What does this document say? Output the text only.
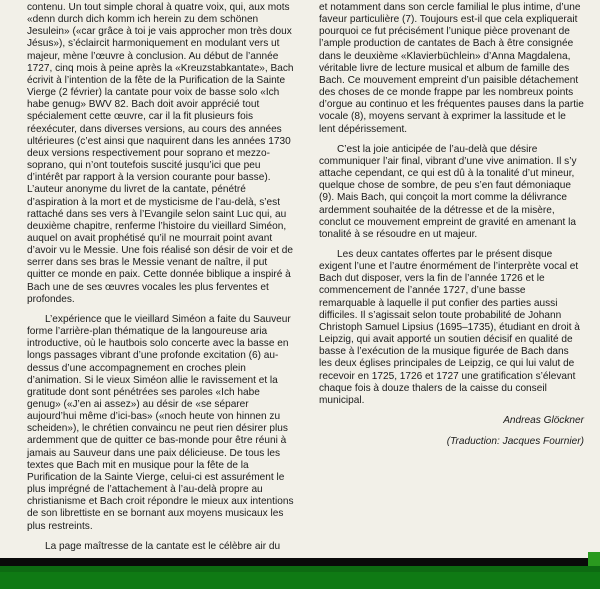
contenu. Un tout simple choral à quatre voix, qui, aux mots «denn durch dich komm ich herein zu dem schönen Jesulein» («car grâce à toi je vais approcher mon très doux Jésus»), s’éclaircit harmoniquement en modulant vers ut majeur, mène l’œuvre à conclusion. Au début de l’année 1727, cinq mois à peine après la «Kreuzstabkantate», Bach écrivit à l’intention de la fête de la Purification de la Sainte Vierge (2 février) la cantate pour voix de basse solo «Ich habe genug» BWV 82. Bach doit avoir apprécié tout spécialement cette œuvre, car il la fit plusieurs fois réexécuter, dans diverses versions, au cours des années ultérieures (c’est ainsi que naquirent dans les années 1730 deux versions respectivement pour soprano et mezzo-soprano, qui n’ont toutefois suscité jusqu’ici que peu d’intérêt par rapport à la version courante pour basse). L’auteur anonyme du livret de la cantate, pénétré d’aspiration à la mort et de mysticisme de l’au-delà, s’est rattaché dans ses vers à l’Evangile selon saint Luc qui, au deuxième chapitre, renferme l’histoire du vieillard Siméon, auquel on avait prophétisé qu’il ne mourrait point avant d’avoir vu le Messie. Une fois réalisé son désir de voir et de serrer dans ses bras le Messie venant de naître, il put quitter ce monde en paix. Cette donnée biblique a inspiré à Bach une de ses œuvres vocales les plus ferventes et profondes.

L’expérience que le vieillard Siméon a faite du Sauveur forme l’arrière-plan thématique de la langoureuse aria introductive, où le hautbois solo concerte avec la basse en longs passages vibrant d’une profonde excitation (6) au-dessus d’une accompagnement en croches plein d’animation. Si le vieux Siméon allie le ravissement et la gratitude dont sont pénétrées ses paroles «Ich habe genug» («J’en ai assez») au désir de «se séparer aujourd’hui même d’ici-bas» («noch heute von hinnen zu scheiden»), le chrétien convaincu ne peut rien désirer plus ardemment que de quitter ce bas-monde pour être réuni à jamais au Sauveur dans une paix délicieuse. De tous les textes que Bach mit en musique pour la fête de la Purification de la Sainte Vierge, celui-ci est assurément le plus imprégné de l’attachement à l’au-delà propre au christianisme et Bach croit répondre le mieux aux intentions de son librettiste en se bornant aux moyens musicaux les plus restreints.

La page maîtresse de la cantate est le célèbre air du

et notamment dans son cercle familial le plus intime, d’une faveur particulière (7). Toujours est-il que cela expliquerait pourquoi ce fut précisément l’unique pièce provenant de l’ample production de cantates de Bach à être consignée dans le deuxième «Klavierbüchlein» d’Anna Magdalena, véritable livre de lecture musical et album de famille des Bach. Ce mouvement empreint d’un paisible détachement des choses de ce monde frappe par les nombreux points d’orgue au continuo et les fréquentes pauses dans la partie vocale (8), moyens servant à exprimer la lassitude et le lent dépérissement.

C’est la joie anticipée de l’au-delà que désire communiquer l’air final, vibrant d’une vive animation. Il s’y attache cependant, ce qui est dû à la tonalité d’ut mineur, quelque chose de sombre, de peu s’en faut démoniaque (9). Mais Bach, qui conçoit la mort comme la délivrance ardemment souhaitée de la détresse et de la misère, conclut ce mouvement empreint de gravité en amenant la tonalité à se résoudre en ut majeur.

Les deux cantates offertes par le présent disque exigent l’une et l’autre énormément de l’interprète vocal et Bach dut disposer, vers la fin de l’année 1726 et le commencement de l’année 1727, d’une basse remarquable à laquelle il put confier des parties aussi difficiles. Il s’agissait selon toute probabilité de Johann Christoph Samuel Lipsius (1695–1735), étudiant en droit à Leipzig, qui avait apporté un soutien décisif en qualité de basse à l’exécution de la musique figurée de Bach dans les deux églises principales de Leipzig, ce qui lui valut de recevoir en 1725, 1726 et 1727 une gratification s’élevant chaque fois à douze thalers de la caisse du conseil municipal.

Andreas Glöckner

(Traduction: Jacques Fournier)
